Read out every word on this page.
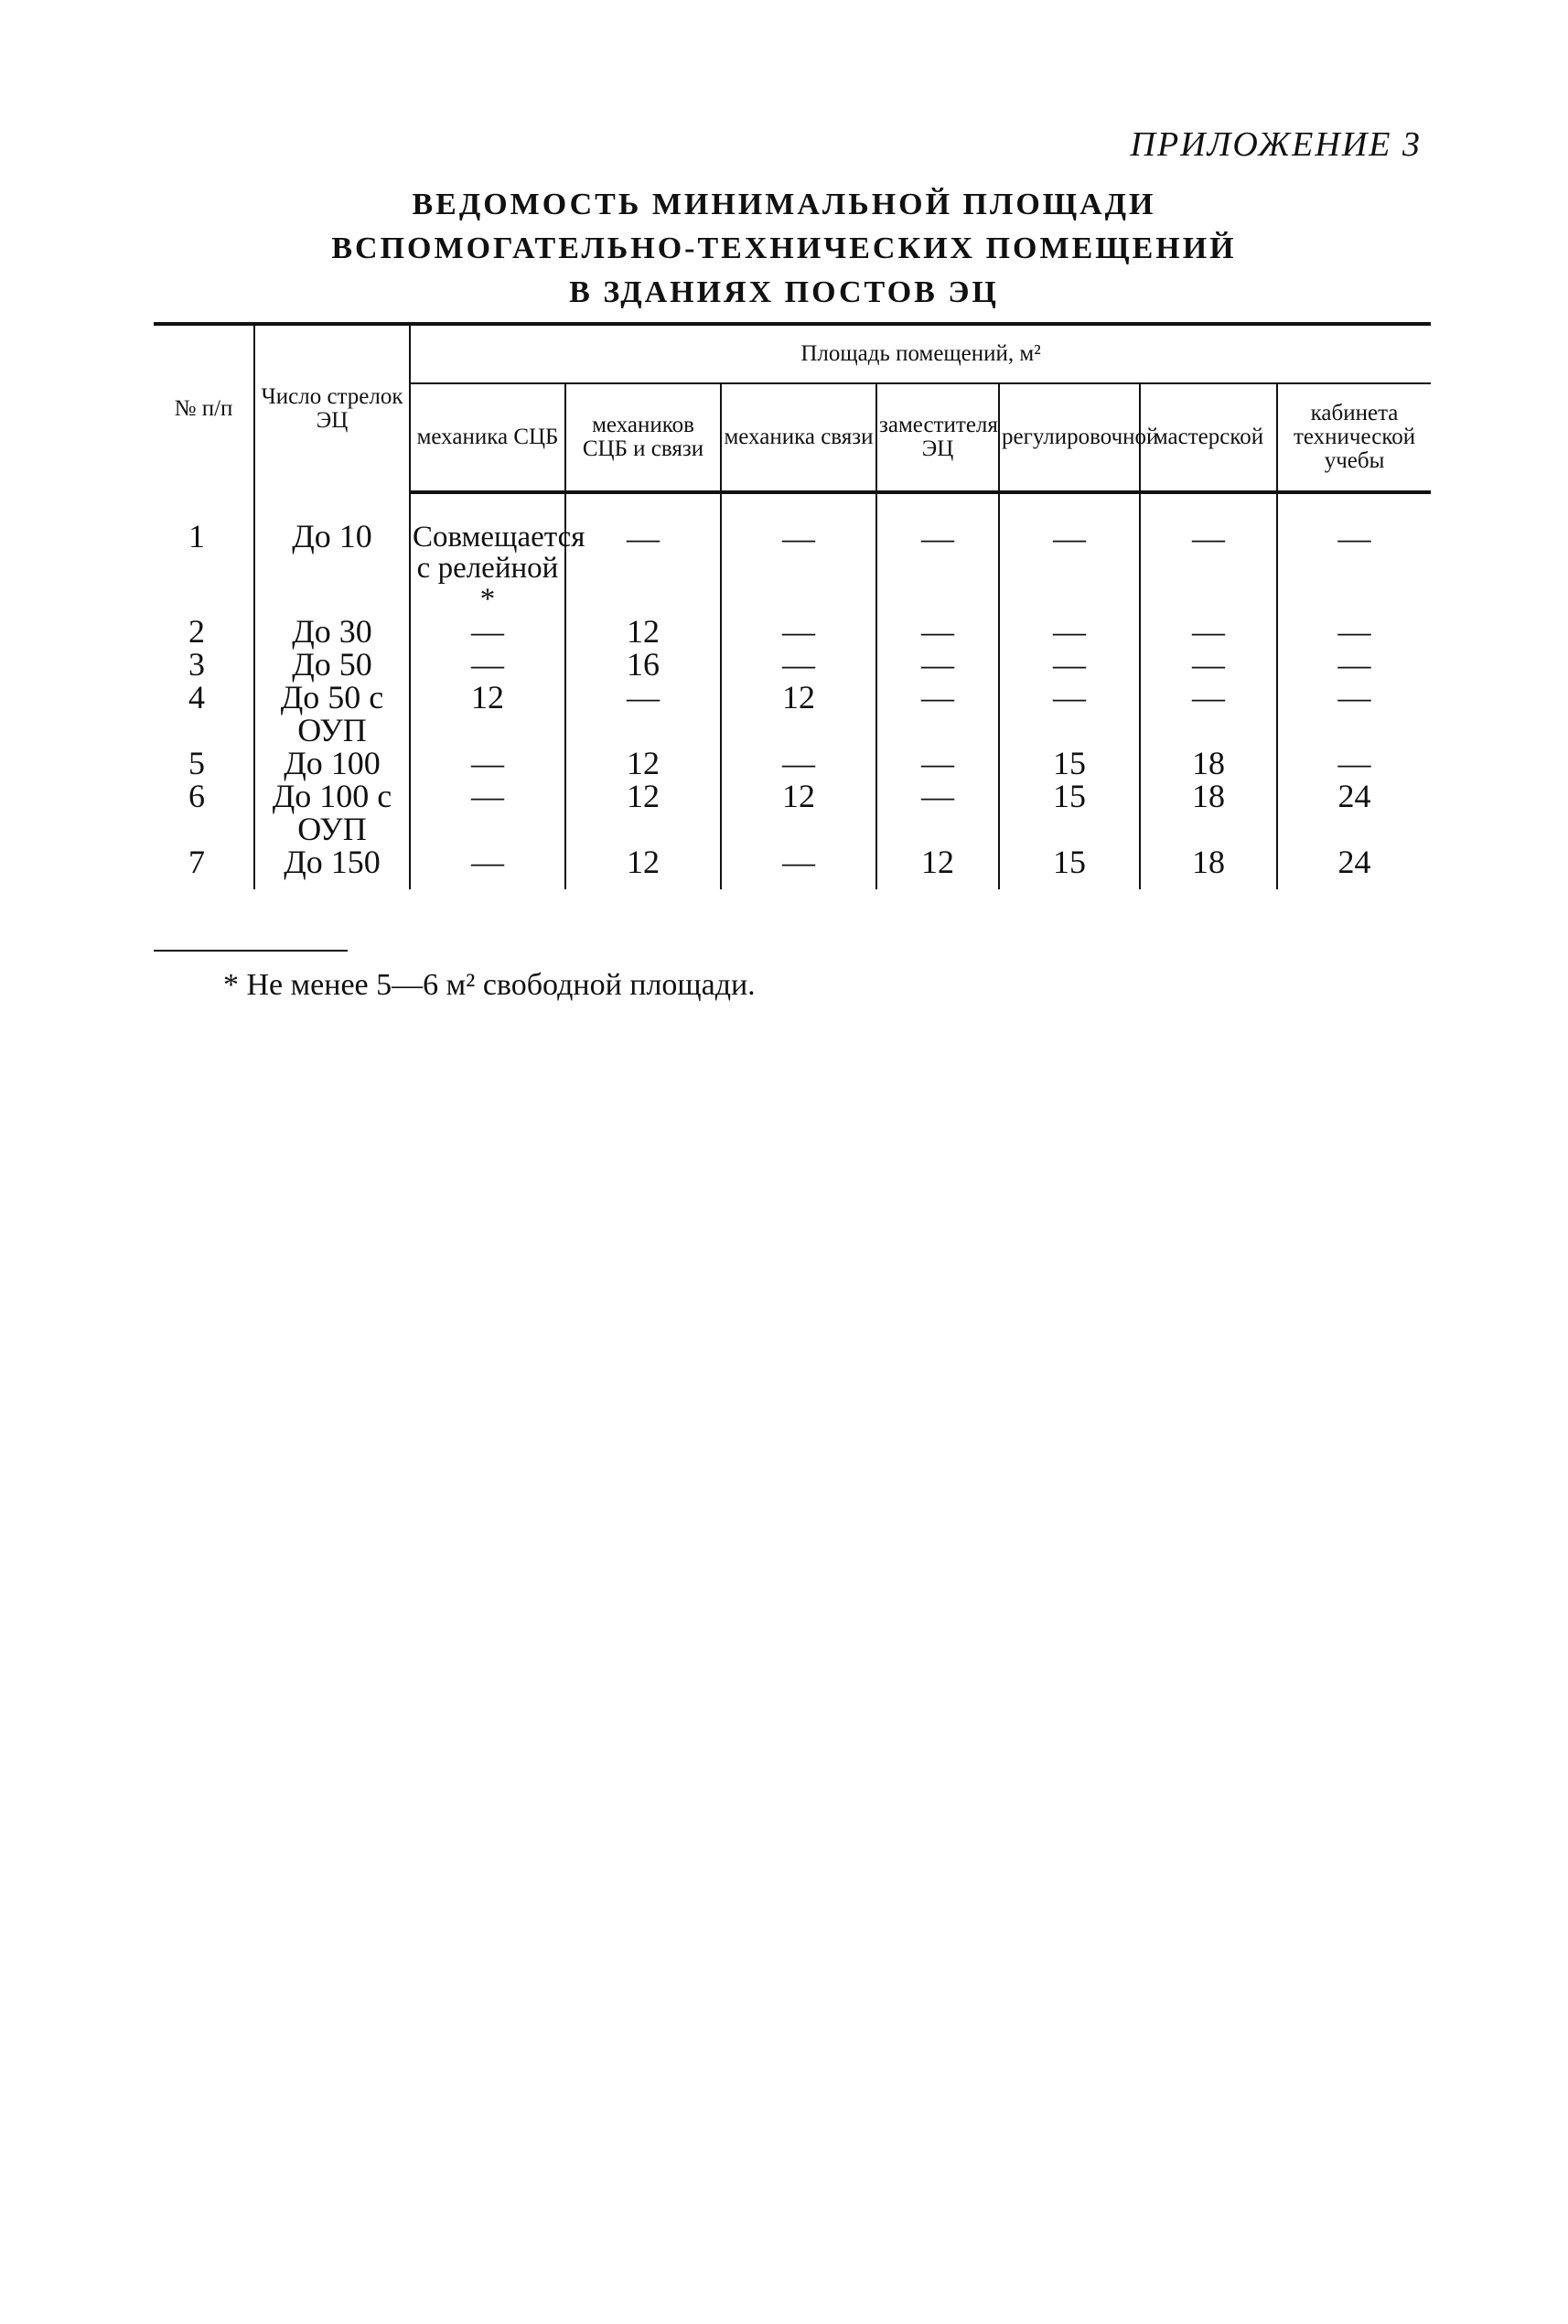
ПРИЛОЖЕНИЕ 3
ВЕДОМОСТЬ МИНИМАЛЬНОЙ ПЛОЩАДИ
ВСПОМОГАТЕЛЬНО-ТЕХНИЧЕСКИХ ПОМЕЩЕНИЙ
В ЗДАНИЯХ ПОСТОВ ЭЦ
№ п/п	Число стрелок ЭЦ	Площадь помещений, м²						
		механика СЦБ	механиков СЦБ и связи	механика связи	заместителя ЭЦ	регулировочной	мастерской	кабинета технической учебы
1	До 10	Совмещается с релейной *	—	—	—	—	—	—
2	До 30	—	12	—	—	—	—	—
3	До 50	—	16	—	—	—	—	—
4	До 50 с ОУП	12	—	12	—	—	—	—
5	До 100	—	12	—	—	15	18	—
6	До 100 с ОУП	—	12	12	—	15	18	24
7	До 150	—	12	—	12	15	18	24
* Не менее 5—6 м² свободной площади.
